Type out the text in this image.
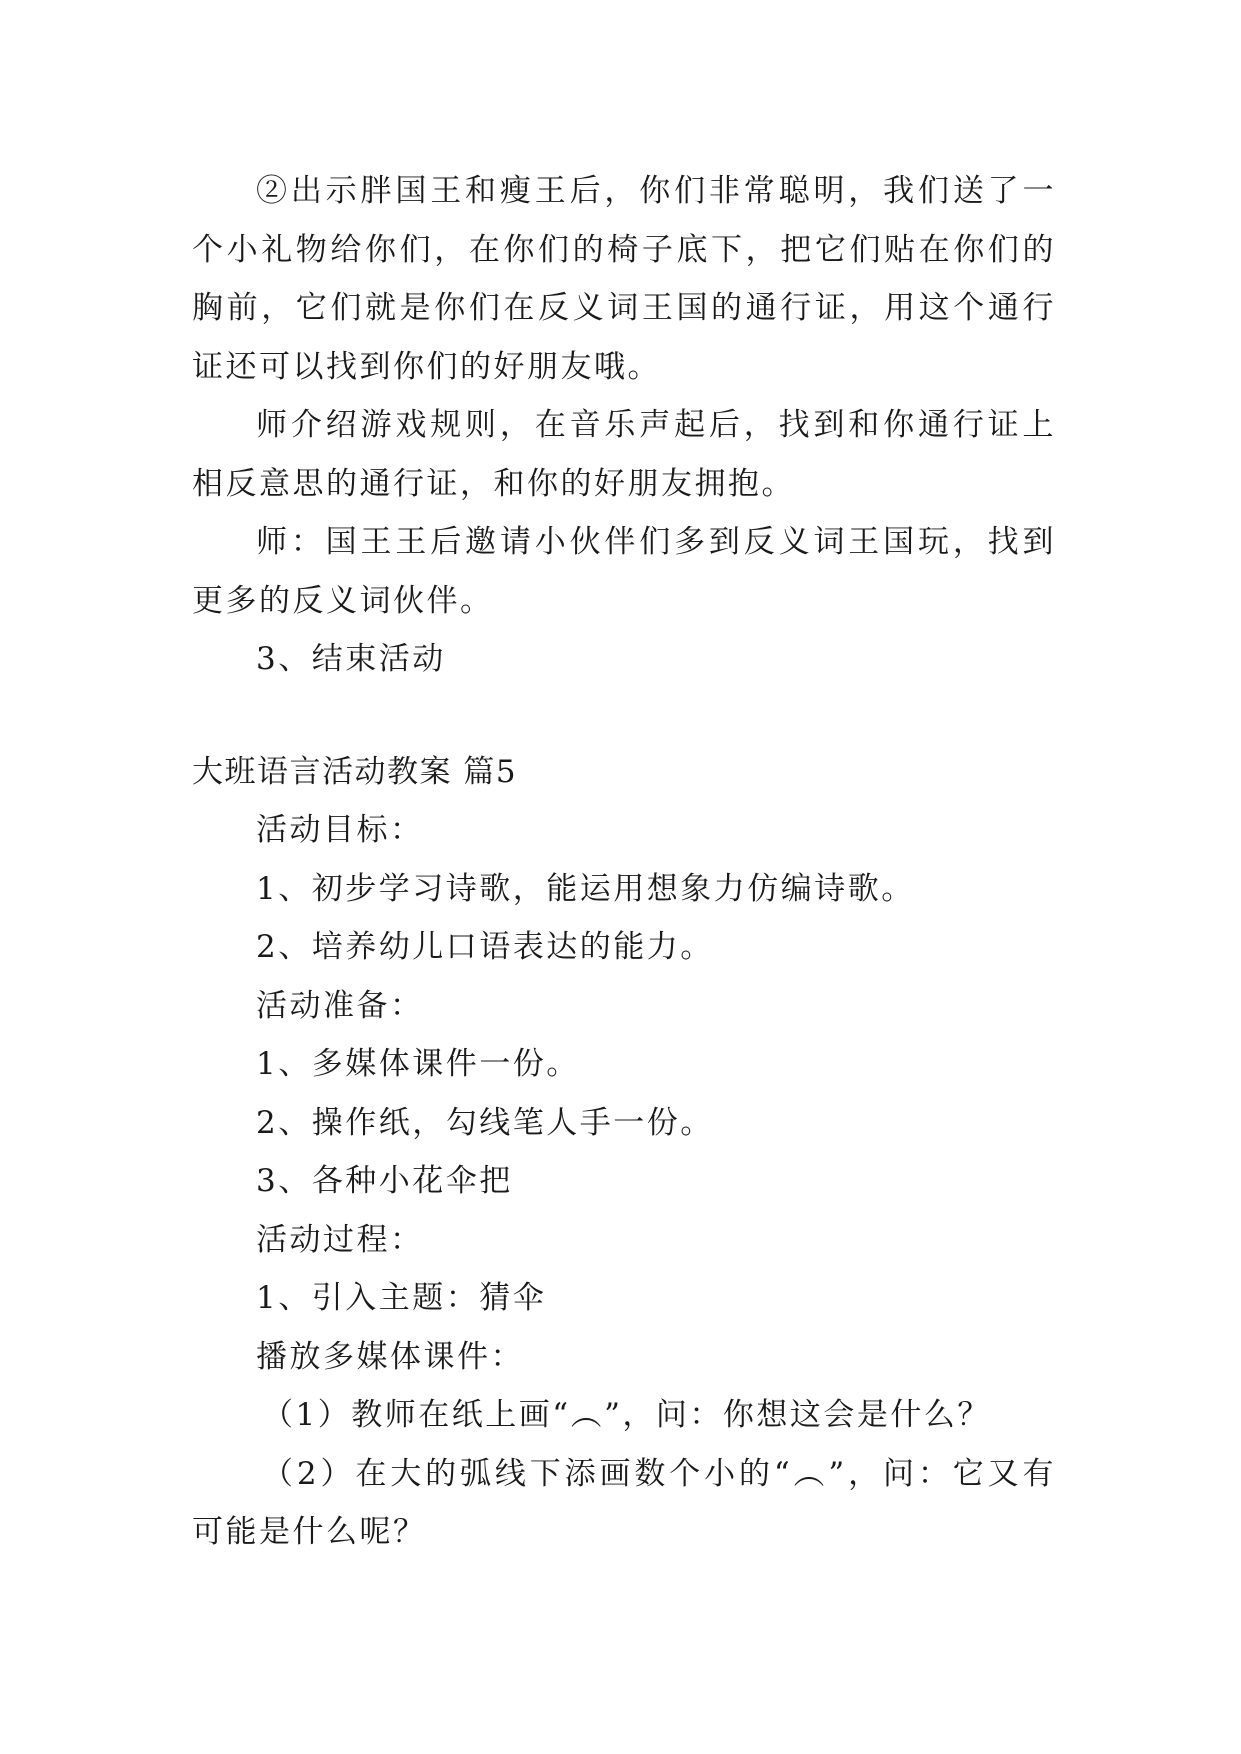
②出示胖国王和瘦王后，你们非常聪明，我们送了一个小礼物给你们，在你们的椅子底下，把它们贴在你们的胸前，它们就是你们在反义词王国的通行证，用这个通行证还可以找到你们的好朋友哦。

师介绍游戏规则，在音乐声起后，找到和你通行证上相反意思的通行证，和你的好朋友拥抱。

师：国王王后邀请小伙伴们多到反义词王国玩，找到更多的反义词伙伴。

3、结束活动

大班语言活动教案 篇5

活动目标：

1、初步学习诗歌，能运用想象力仿编诗歌。

2、培养幼儿口语表达的能力。

活动准备：

1、多媒体课件一份。

2、操作纸，勾线笔人手一份。

3、各种小花伞把

活动过程：

1、引入主题：猜伞

播放多媒体课件：

（1）教师在纸上画“︵”，问：你想这会是什么？

（2）在大的弧线下添画数个小的“︵”，问：它又有可能是什么呢？
